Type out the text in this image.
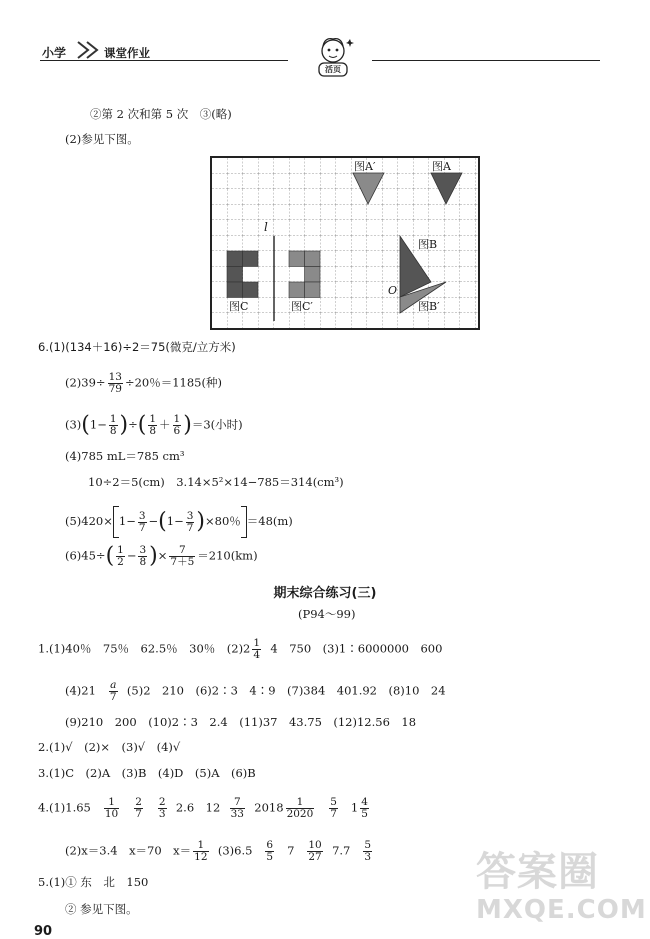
小学	课堂作业
活页
②第 2 次和第 5 次　③(略)
(2)参见下图。
图A′	图A
l
图B
O
图B′
图C	图C′
6.(1)(134＋16)÷2＝75(微克/立方米)
$(2)39\div \frac{13}{79} \div 20$％＝1185(种)
$(3)(1- \frac{1}{8}$ )÷( $\frac{1}{8} + \frac{1}{6} )=3$(小时)
(4)785 mL＝785 cm³
10÷2＝5(cm)　3.14×5²×14−785＝314(cm³)
$(5)420\times 1- \frac{3}{7} -(1- \frac{3}{7} )\times 80$％ ＝48(m)
$(6)45\div( \frac{1}{2} - \frac{3}{8}$ )× $\frac{7}{7+5} =210(km)$
期末综合练习(三)
(P94～99)
1.(1)40％　75％　62.5％　30％　$(2)2 \frac{1}{4} 4$　750　(3)1∶6000000　600
$(4)21 \frac{a}{7} (5)2$　210　(6)2∶3　4∶9　(7)384　401.92　(8)10　24
(9)210　200　(10)2∶3　2.4　(11)37　43.75　(12)12.56　18
2.(1)√　(2)×　(3)√　(4)√
3.(1)C　(2)A　(3)B　(4)D　(5)A　(6)B
$4.(1)1.65 \frac{1}{10}$
$\frac{2}{7}$
$\frac{2}{3} 2.6$　$12 \frac{7}{33} 2018 \frac{1}{2020}$
$\frac{5}{7} 1 \frac{4}{5}$
(2)x＝3.4　x＝70　$x= \frac{1}{12} (3)6.5 \frac{6}{5} 7 \frac{10}{27} 7.7 \frac{5}{3}$
5.(1)① 东　北　150
② 参见下图。
90
答案圈
MXQE.COM
